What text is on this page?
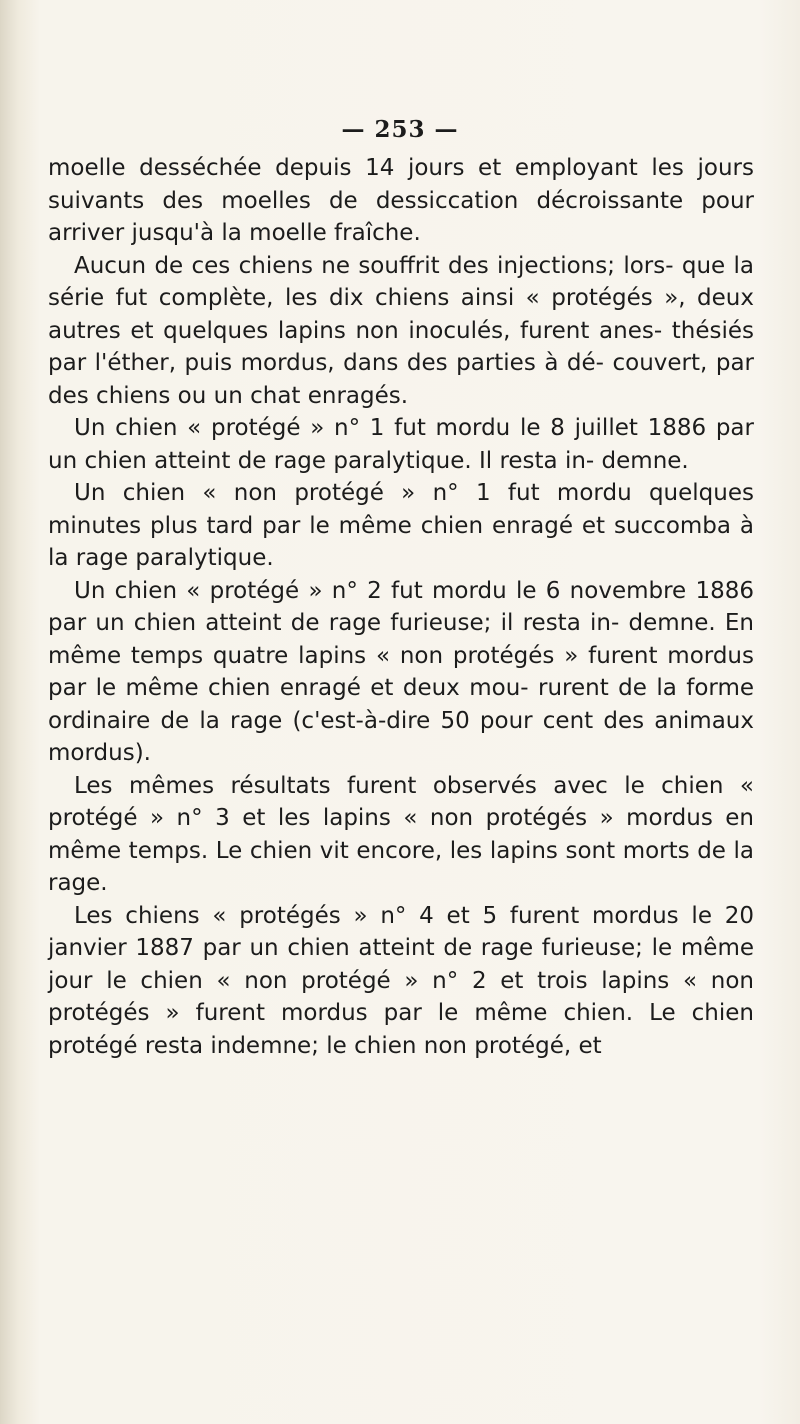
— 253 —

moelle desséchée depuis 14 jours et employant les jours suivants des moelles de dessiccation décroissante pour arriver jusqu'à la moelle fraîche.

Aucun de ces chiens ne souffrit des injections; lors- que la série fut complète, les dix chiens ainsi « protégés », deux autres et quelques lapins non inoculés, furent anes- thésiés par l'éther, puis mordus, dans des parties à dé- couvert, par des chiens ou un chat enragés.

Un chien « protégé » n° 1 fut mordu le 8 juillet 1886 par un chien atteint de rage paralytique. Il resta in- demne.

Un chien « non protégé » n° 1 fut mordu quelques minutes plus tard par le même chien enragé et succomba à la rage paralytique.

Un chien « protégé » n° 2 fut mordu le 6 novembre 1886 par un chien atteint de rage furieuse; il resta in- demne. En même temps quatre lapins « non protégés » furent mordus par le même chien enragé et deux mou- rurent de la forme ordinaire de la rage (c'est-à-dire 50 pour cent des animaux mordus).

Les mêmes résultats furent observés avec le chien « protégé » n° 3 et les lapins « non protégés » mordus en même temps. Le chien vit encore, les lapins sont morts de la rage.

Les chiens « protégés » n° 4 et 5 furent mordus le 20 janvier 1887 par un chien atteint de rage furieuse; le même jour le chien « non protégé » n° 2 et trois lapins « non protégés » furent mordus par le même chien. Le chien protégé resta indemne; le chien non protégé, et
